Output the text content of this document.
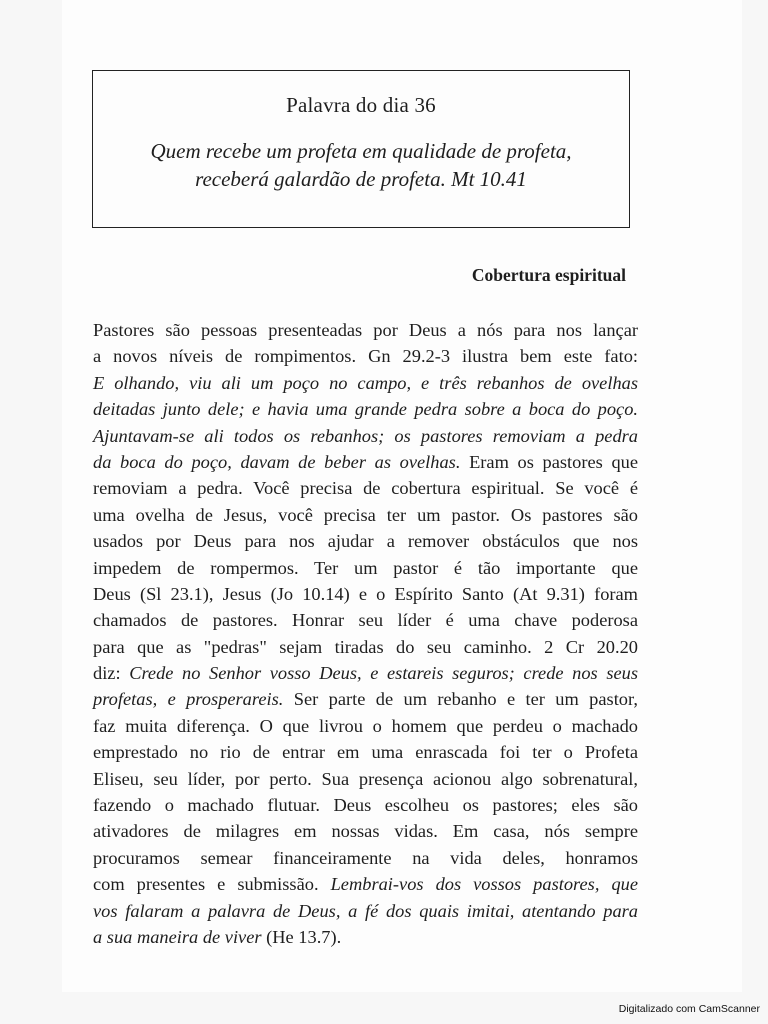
Palavra do dia 36
Quem recebe um profeta em qualidade de profeta,
receberá galardão de profeta. Mt 10.41
Cobertura espiritual
Pastores são pessoas presenteadas por Deus a nós para nos lançar
a novos níveis de rompimentos. Gn 29.2-3 ilustra bem este fato:
E olhando, viu ali um poço no campo, e três rebanhos de ovelhas
deitadas junto dele; e havia uma grande pedra sobre a boca do poço.
Ajuntavam-se ali todos os rebanhos; os pastores removiam a pedra
da boca do poço, davam de beber as ovelhas. Eram os pastores que
removiam a pedra. Você precisa de cobertura espiritual. Se você é
uma ovelha de Jesus, você precisa ter um pastor. Os pastores são
usados por Deus para nos ajudar a remover obstáculos que nos
impedem de rompermos. Ter um pastor é tão importante que
Deus (Sl 23.1), Jesus (Jo 10.14) e o Espírito Santo (At 9.31) foram
chamados de pastores. Honrar seu líder é uma chave poderosa
para que as "pedras" sejam tiradas do seu caminho. 2 Cr 20.20
diz: Crede no Senhor vosso Deus, e estareis seguros; crede nos seus
profetas, e prosperareis. Ser parte de um rebanho e ter um pastor,
faz muita diferença. O que livrou o homem que perdeu o machado
emprestado no rio de entrar em uma enrascada foi ter o Profeta
Eliseu, seu líder, por perto. Sua presença acionou algo sobrenatural,
fazendo o machado flutuar. Deus escolheu os pastores; eles são
ativadores de milagres em nossas vidas. Em casa, nós sempre
procuramos semear financeiramente na vida deles, honramos
com presentes e submissão. Lembrai-vos dos vossos pastores, que
vos falaram a palavra de Deus, a fé dos quais imitai, atentando para
a sua maneira de viver (He 13.7).
Digitalizado com CamScanner
